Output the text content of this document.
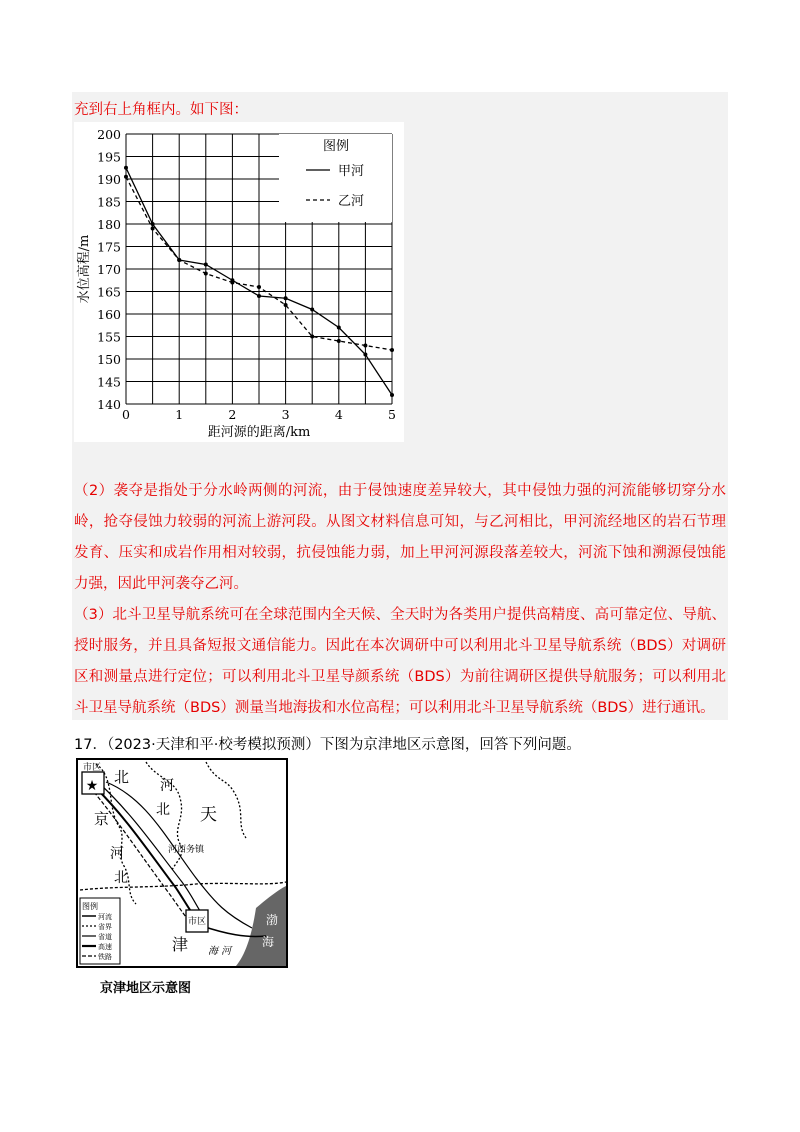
充到右上角框内。如下图：
图例
甲河
乙河
140
145
150
155
160
165
170
175
180
185
190
195
200
0	1	2	3	4	5
距河源的距离/km
水位高程/m
（2）袭夺是指处于分水岭两侧的河流，由于侵蚀速度差异较大，其中侵蚀力强的河流能够切穿分水岭，抢夺侵蚀力较弱的河流上游河段。从图文材料信息可知，与乙河相比，甲河流经地区的岩石节理发育、压实和成岩作用相对较弱，抗侵蚀能力弱，加上甲河河源段落差较大，河流下蚀和溯源侵蚀能力强，因此甲河袭夺乙河。
（3）北斗卫星导航系统可在全球范围内全天候、全天时为各类用户提供高精度、高可靠定位、导航、授时服务，并且具备短报文通信能力。因此在本次调研中可以利用北斗卫星导航系统（BDS）对调研区和测量点进行定位；可以利用北斗卫星导颜系统（BDS）为前往调研区提供导航服务；可以利用北斗卫星导航系统（BDS）测量当地海拔和水位高程；可以利用北斗卫星导航系统（BDS）进行通讯。
17．（2023·天津和平·校考模拟预测）下图为京津地区示意图，回答下列问题。
★
市区 北
京
河
北
河
北
天
津
河西务镇
市区	渤
海
海 河
图例
河流
省界
省道
高速
铁路
京津地区示意图
